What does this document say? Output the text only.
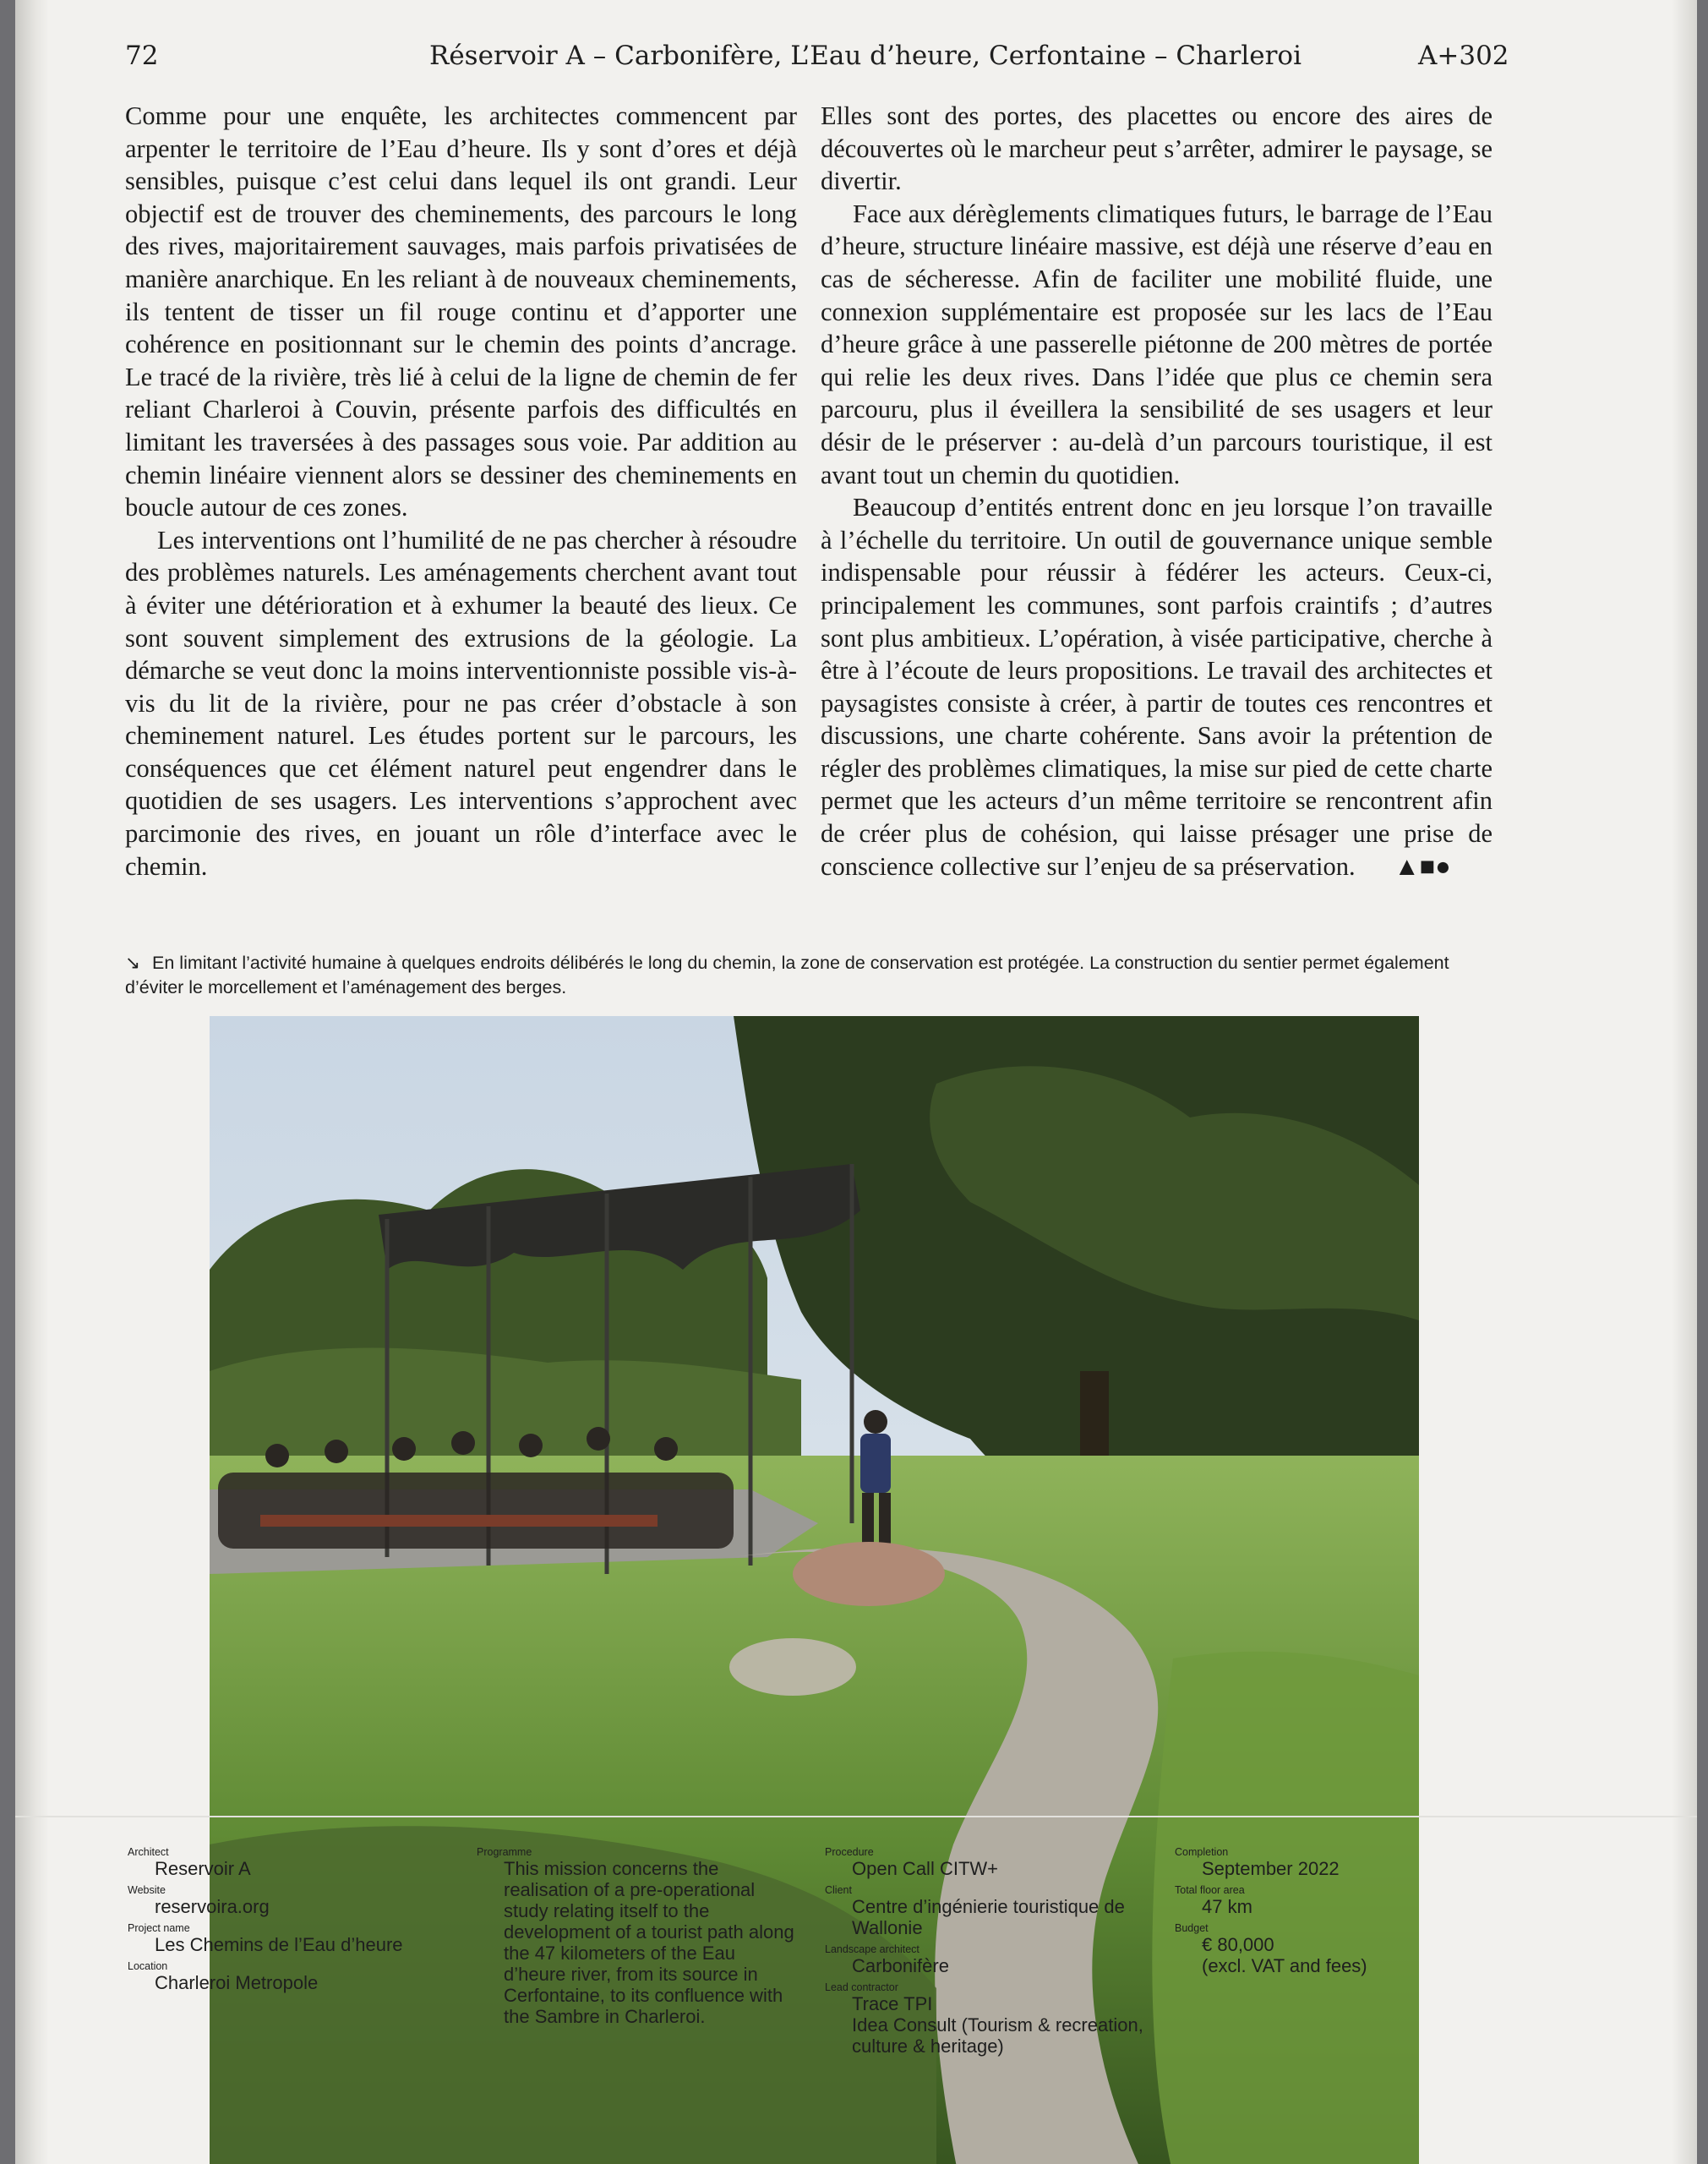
72	Réservoir A – Carbonifère, L’Eau d’heure, Cerfontaine – Charleroi	A+302

Comme pour une enquête, les architectes commencent par arpenter le territoire de l’Eau d’heure. Ils y sont d’ores et déjà sensibles, puisque c’est celui dans lequel ils ont grandi. Leur objectif est de trouver des cheminements, des parcours le long des rives, majoritairement sauvages, mais parfois privatisées de manière anarchique. En les reliant à de nouveaux cheminements, ils tentent de tisser un fil rouge continu et d’apporter une cohérence en positionnant sur le chemin des points d’ancrage. Le tracé de la rivière, très lié à celui de la ligne de chemin de fer reliant Charleroi à Couvin, présente parfois des difficultés en limitant les traversées à des passages sous voie. Par addition au chemin linéaire viennent alors se dessiner des cheminements en boucle autour de ces zones.

Les interventions ont l’humilité de ne pas chercher à résoudre des problèmes naturels. Les aménagements cherchent avant tout à éviter une détérioration et à exhumer la beauté des lieux. Ce sont souvent simplement des extrusions de la géologie. La démarche se veut donc la moins interventionniste possible vis-à-vis du lit de la rivière, pour ne pas créer d’obstacle à son cheminement naturel. Les études portent sur le parcours, les conséquences que cet élément naturel peut engendrer dans le quotidien de ses usagers. Les interventions s’approchent avec parcimonie des rives, en jouant un rôle d’interface avec le chemin.

Elles sont des portes, des placettes ou encore des aires de découvertes où le marcheur peut s’arrêter, admirer le paysage, se divertir.

Face aux dérèglements climatiques futurs, le barrage de l’Eau d’heure, structure linéaire massive, est déjà une réserve d’eau en cas de sécheresse. Afin de faciliter une mobilité fluide, une connexion supplémentaire est proposée sur les lacs de l’Eau d’heure grâce à une passerelle piétonne de 200 mètres de portée qui relie les deux rives. Dans l’idée que plus ce chemin sera parcouru, plus il éveillera la sensibilité de ses usagers et leur désir de le préserver : au-delà d’un parcours touristique, il est avant tout un chemin du quotidien.

Beaucoup d’entités entrent donc en jeu lorsque l’on travaille à l’échelle du territoire. Un outil de gouvernance unique semble indispensable pour réussir à fédérer les acteurs. Ceux-ci, principalement les communes, sont parfois craintifs ; d’autres sont plus ambitieux. L’opération, à visée participative, cherche à être à l’écoute de leurs propositions. Le travail des architectes et paysagistes consiste à créer, à partir de toutes ces rencontres et discussions, une charte cohérente. Sans avoir la prétention de régler des problèmes climatiques, la mise sur pied de cette charte permet que les acteurs d’un même territoire se rencontrent afin de créer plus de cohésion, qui laisse présager une prise de conscience collective sur l’enjeu de sa préservation. ▲■●

↘ En limitant l’activité humaine à quelques endroits délibérés le long du chemin, la zone de conservation est protégée. La construction du sentier permet également d’éviter le morcellement et l’aménagement des berges.
Architect
Reservoir A
Website
reservoira.org
Project name
Les Chemins de l’Eau d’heure
Location
Charleroi Metropole
Programme
This mission concerns the realisation of a pre-operational study relating itself to the development of a tourist path along the 47 kilometers of the Eau d’heure river, from its source in Cerfontaine, to its confluence with the Sambre in Charleroi.
Procedure
Open Call CITW+
Client
Centre d’ingénierie touristique de Wallonie
Landscape architect
Carbonifère
Lead contractor
Trace TPI
Idea Consult (Tourism & recreation, culture & heritage)
Completion
September 2022
Total floor area
47 km
Budget
€ 80,000
(excl. VAT and fees)
